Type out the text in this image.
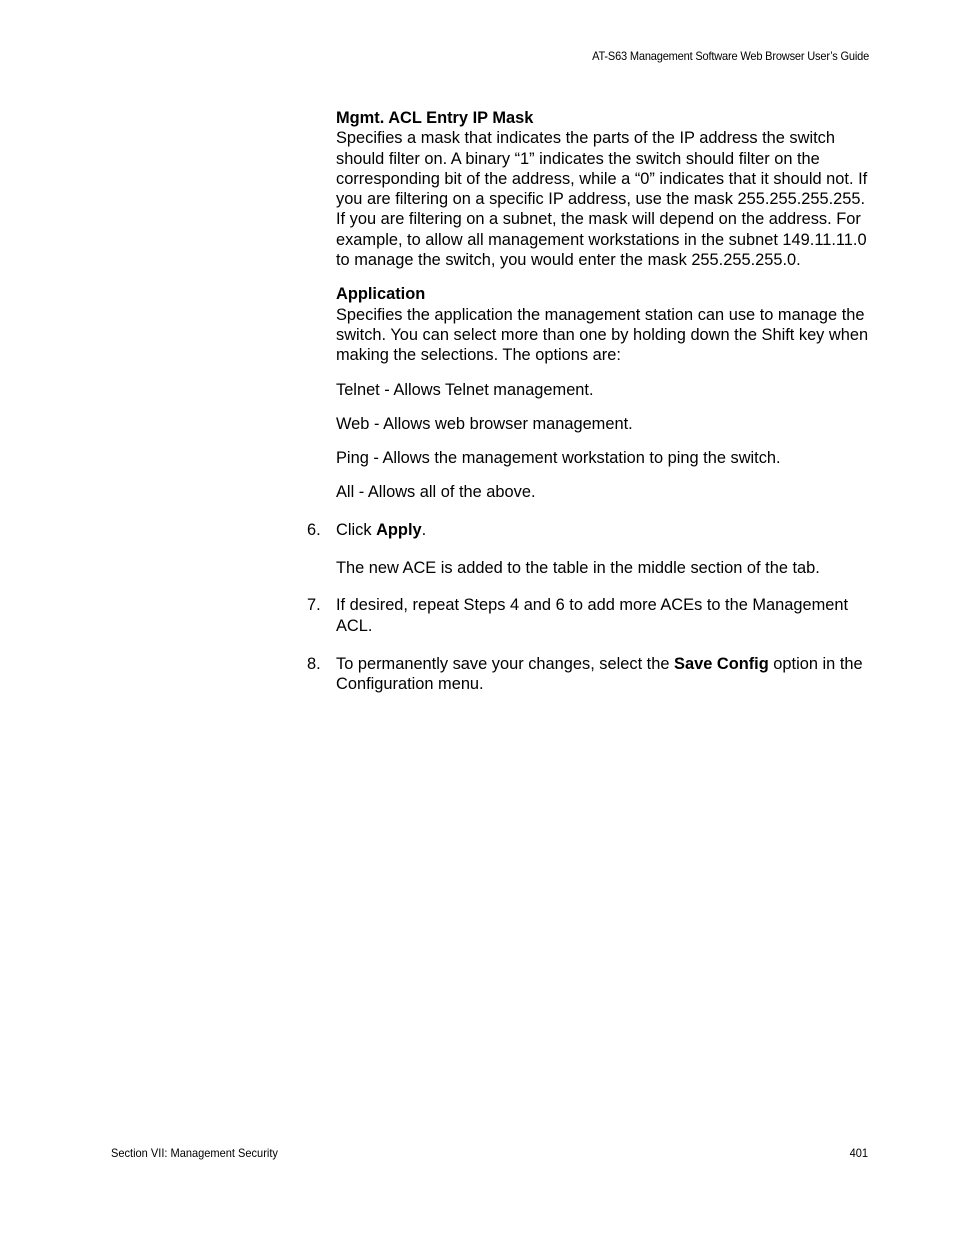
AT-S63 Management Software Web Browser User’s Guide
Mgmt. ACL Entry IP Mask

Specifies a mask that indicates the parts of the IP address the switch should filter on. A binary “1” indicates the switch should filter on the corresponding bit of the address, while a “0” indicates that it should not. If you are filtering on a specific IP address, use the mask 255.255.255.255. If you are filtering on a subnet, the mask will depend on the address. For example, to allow all management workstations in the subnet 149.11.11.0 to manage the switch, you would enter the mask 255.255.255.0.

Application

Specifies the application the management station can use to manage the switch. You can select more than one by holding down the Shift key when making the selections. The options are:

Telnet - Allows Telnet management.

Web - Allows web browser management.

Ping - Allows the management workstation to ping the switch.

All - Allows all of the above.

6. Click Apply.

The new ACE is added to the table in the middle section of the tab.

7. If desired, repeat Steps 4 and 6 to add more ACEs to the Management ACL.
8. To permanently save your changes, select the Save Config option in the Configuration menu.
Section VII: Management Security	401
